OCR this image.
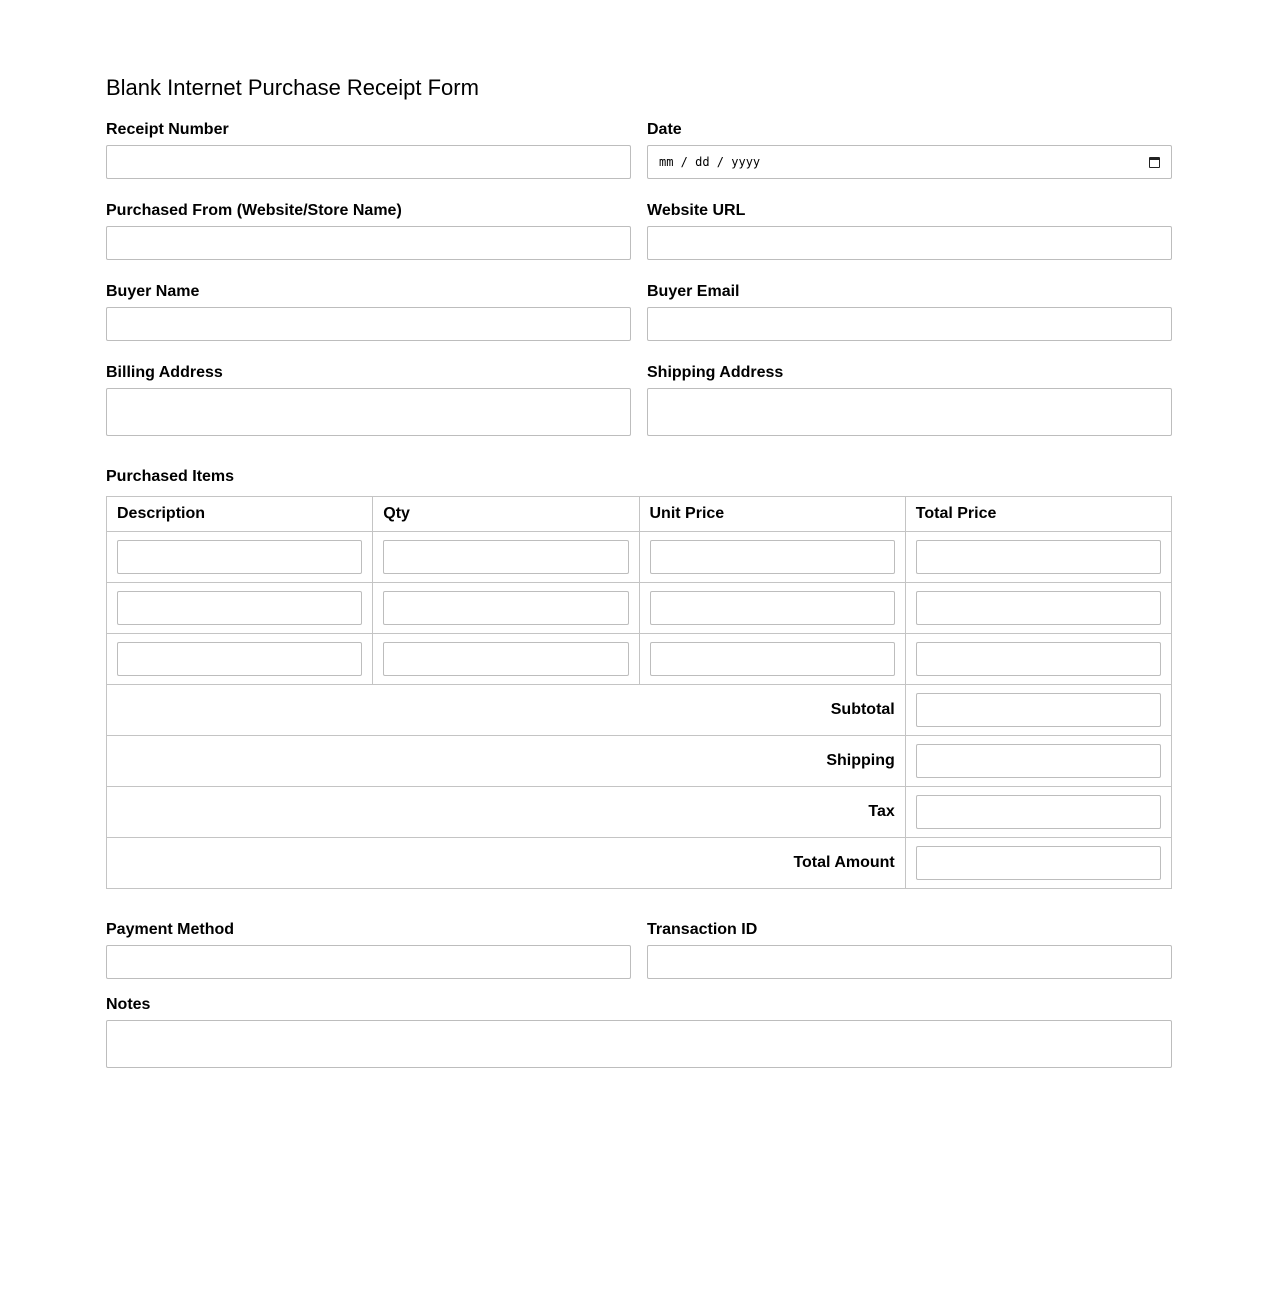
Blank Internet Purchase Receipt Form
Receipt Number	Date
mm / dd / yyyy
Purchased From (Website/Store Name)	Website URL
Buyer Name	Buyer Email
Billing Address	Shipping Address
Purchased Items
Description	Qty	Unit Price	Total Price

Subtotal	

Shipping	

Tax	

Total Amount	
Payment Method	Transaction ID
Notes
